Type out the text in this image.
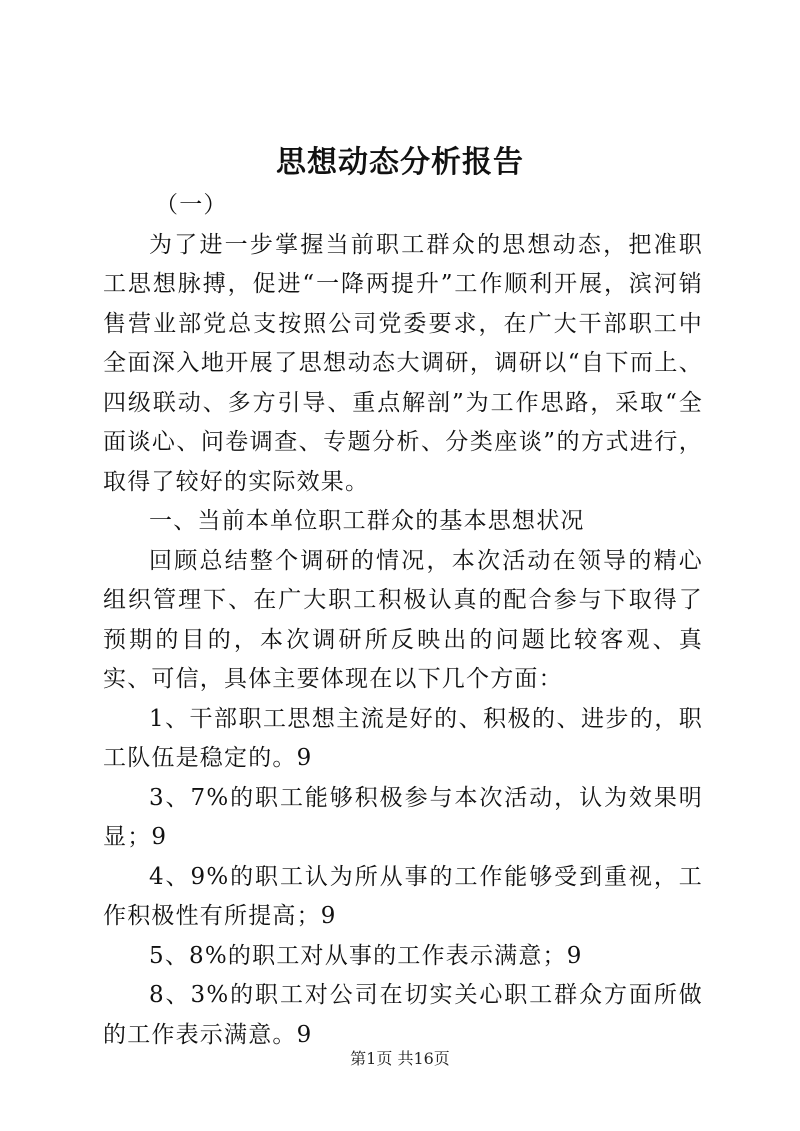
思想动态分析报告

（一）

为了进一步掌握当前职工群众的思想动态，把准职工思想脉搏，促进“一降两提升”工作顺利开展，滨河销售营业部党总支按照公司党委要求，在广大干部职工中全面深入地开展了思想动态大调研，调研以“自下而上、四级联动、多方引导、重点解剖”为工作思路，采取“全面谈心、问卷调查、专题分析、分类座谈”的方式进行，取得了较好的实际效果。

一、当前本单位职工群众的基本思想状况

回顾总结整个调研的情况，本次活动在领导的精心组织管理下、在广大职工积极认真的配合参与下取得了预期的目的，本次调研所反映出的问题比较客观、真实、可信，具体主要体现在以下几个方面：

1、干部职工思想主流是好的、积极的、进步的，职工队伍是稳定的。9

3、7%的职工能够积极参与本次活动，认为效果明显；9

4、9%的职工认为所从事的工作能够受到重视，工作积极性有所提高；9

5、8%的职工对从事的工作表示满意；9

8、3%的职工对公司在切实关心职工群众方面所做的工作表示满意。9

第1页 共16页
